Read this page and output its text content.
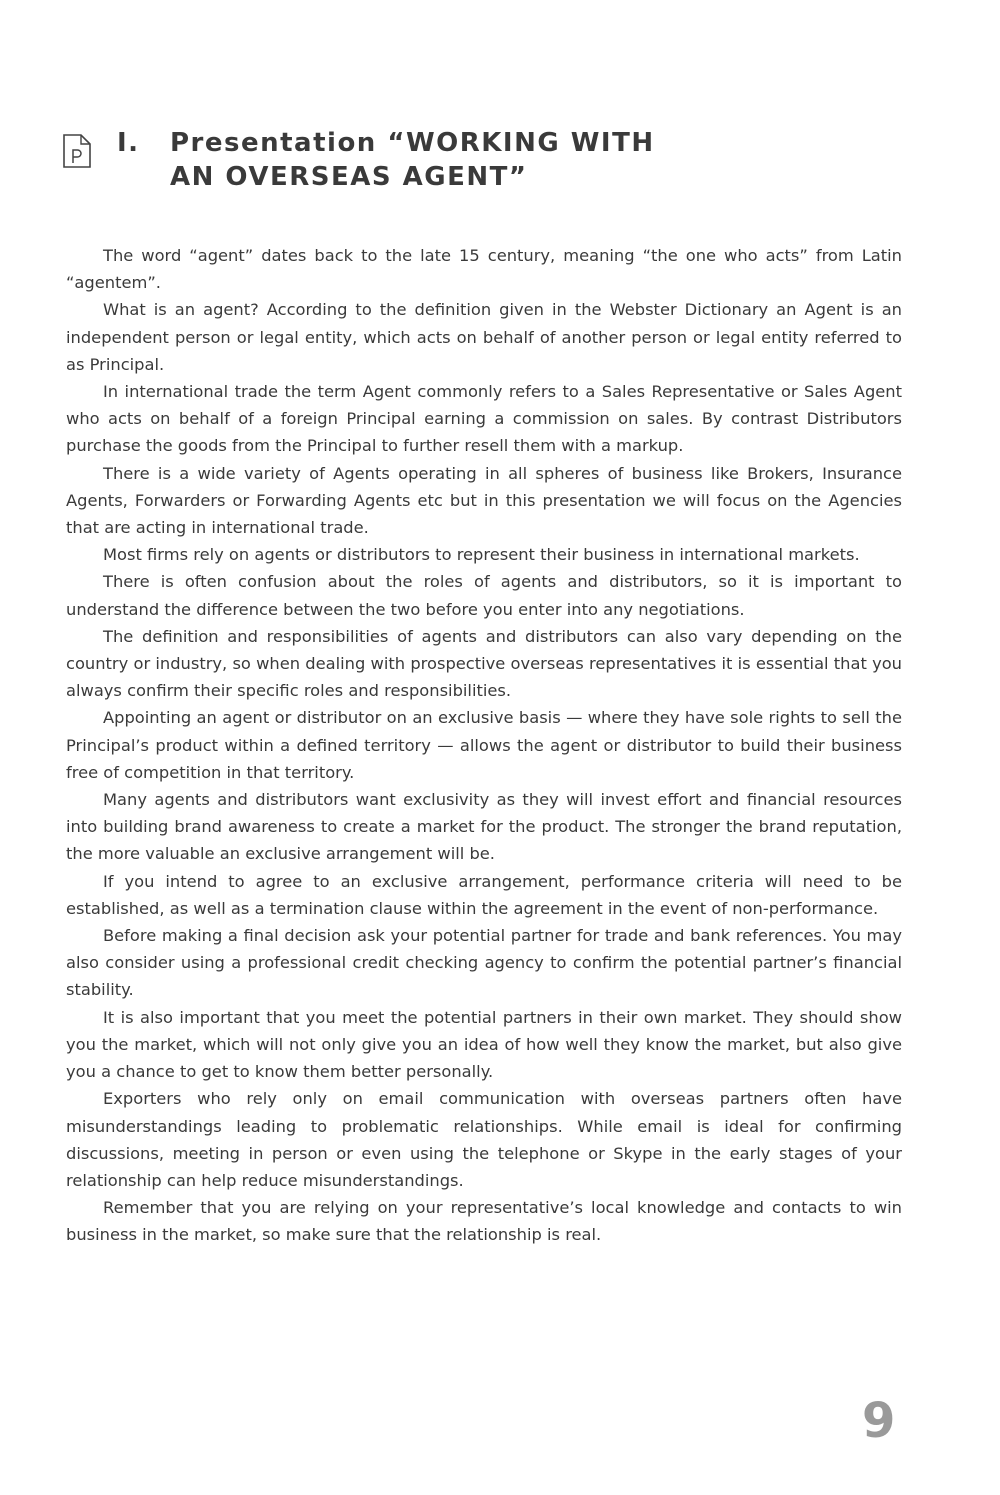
I. Presentation “WORKING WITH
AN OVERSEAS AGENT”

The word “agent” dates back to the late 15 century, meaning “the one who acts” from Latin “agentem”.

What is an agent? According to the definition given in the Webster Dictionary an Agent is an independent person or legal entity, which acts on behalf of another person or legal entity referred to as Principal.

In international trade the term Agent commonly refers to a Sales Representative or Sales Agent who acts on behalf of a foreign Principal earning a commission on sales. By contrast Distributors purchase the goods from the Principal to further resell them with a markup.

There is a wide variety of Agents operating in all spheres of business like Brokers, Insurance Agents, Forwarders or Forwarding Agents etc but in this presentation we will focus on the Agencies that are acting in international trade.

Most firms rely on agents or distributors to represent their business in international markets.

There is often confusion about the roles of agents and distributors, so it is important to understand the difference between the two before you enter into any negotiations.

The definition and responsibilities of agents and distributors can also vary depending on the country or industry, so when dealing with prospective overseas representatives it is essential that you always confirm their specific roles and responsibilities.

Appointing an agent or distributor on an exclusive basis — where they have sole rights to sell the Principal’s product within a defined territory — allows the agent or distributor to build their business free of competition in that territory.

Many agents and distributors want exclusivity as they will invest effort and financial resources into building brand awareness to create a market for the product. The stronger the brand reputation, the more valuable an exclusive arrangement will be.

If you intend to agree to an exclusive arrangement, performance criteria will need to be established, as well as a termination clause within the agreement in the event of non-performance.

Before making a final decision ask your potential partner for trade and bank references. You may also consider using a professional credit checking agency to confirm the potential partner’s financial stability.

It is also important that you meet the potential partners in their own market. They should show you the market, which will not only give you an idea of how well they know the market, but also give you a chance to get to know them better personally.

Exporters who rely only on email communication with overseas partners often have misunderstandings leading to problematic relationships. While email is ideal for confirming discussions, meeting in person or even using the telephone or Skype in the early stages of your relationship can help reduce misunderstandings.

Remember that you are relying on your representative’s local knowledge and contacts to win business in the market, so make sure that the relationship is real.

9
